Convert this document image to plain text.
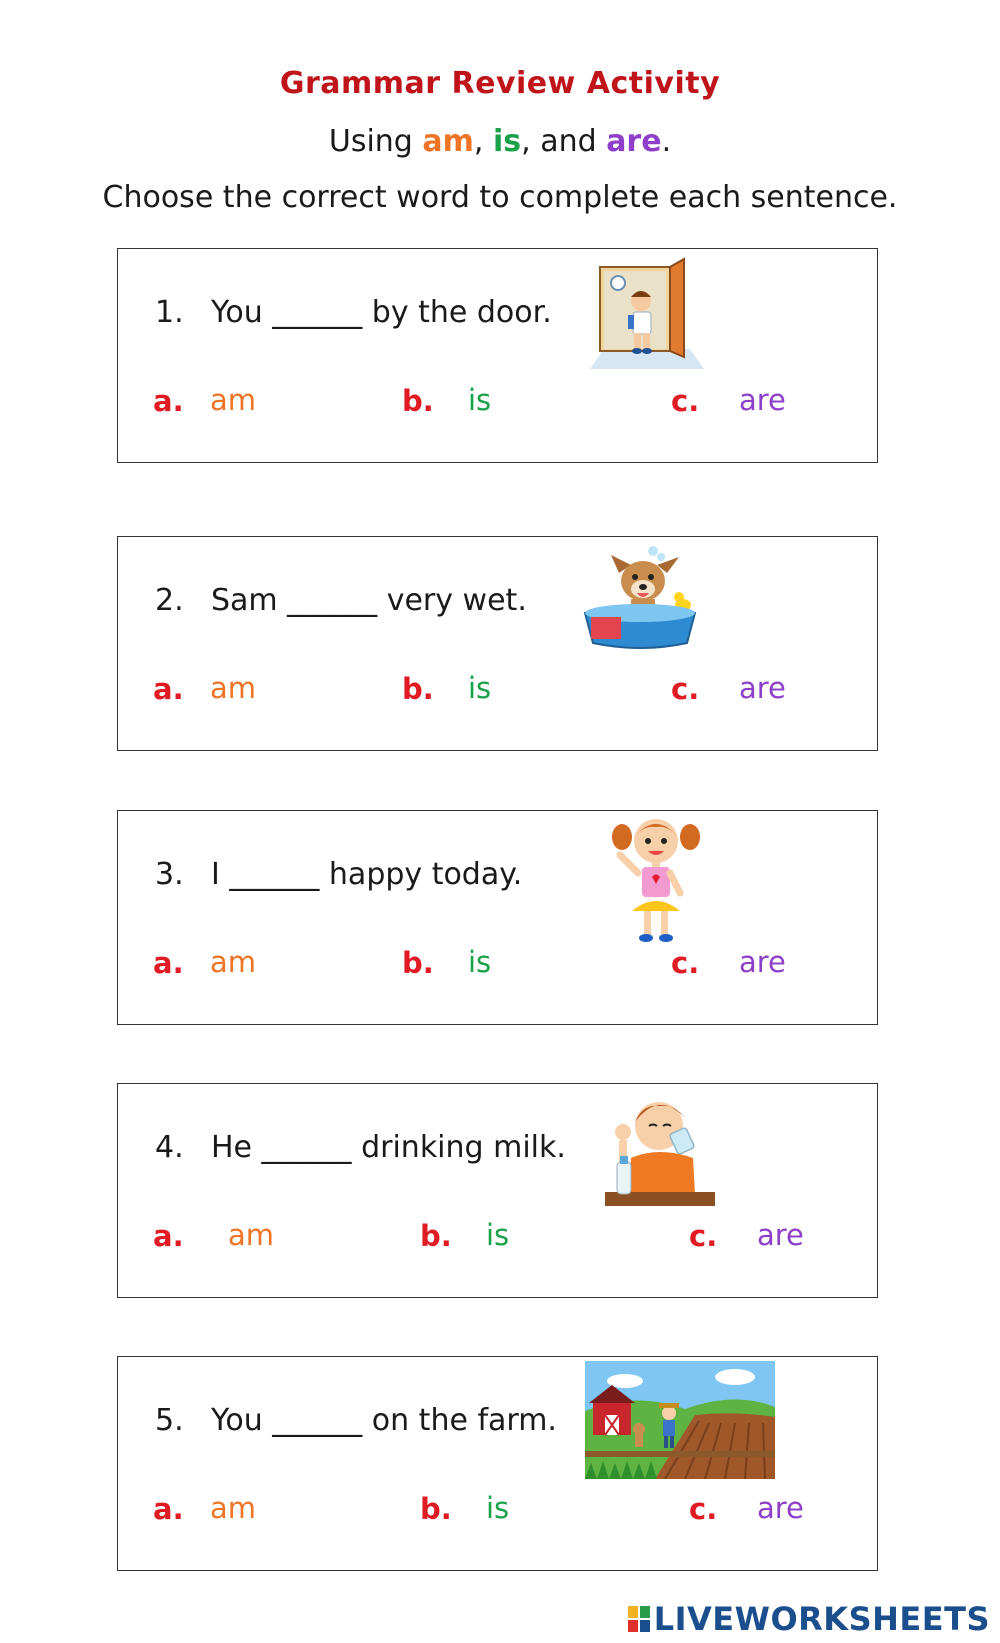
Grammar Review Activity
Using am, is, and are.
Choose the correct word to complete each sentence.
1. You ______ by the door.
a. am	b. is	c. are
2. Sam ______ very wet.
a. am	b. is	c. are
3. I ______ happy today.
a. am	b. is	c. are
4. He ______ drinking milk.
a. am	b. is	c. are
5. You ______ on the farm.
a. am	b. is	c. are
LIVEWORKSHEETS
